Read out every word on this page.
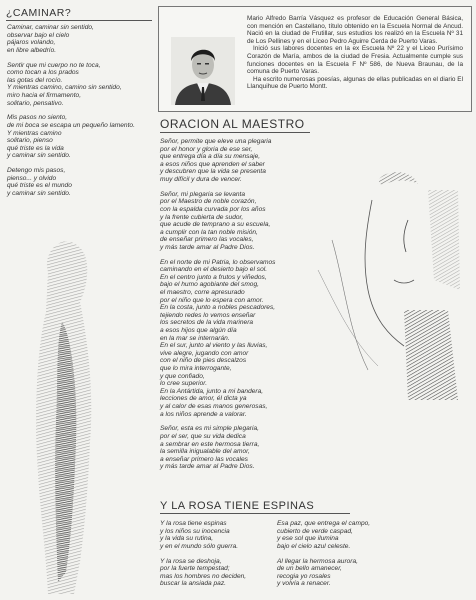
¿CAMINAR?
Caminar, caminar sin sentido,
observar bajo el cielo
pájaros volando,
en libre albedrío.
Sentir que mi cuerpo no te toca,
como tocan a los prados
las gotas del rocío.
Y mientras camino, camino sin sentido,
miro hacia el firmamento,
solitario, pensativo.
Mis pasos no siento,
de mi boca se escapa un pequeño lamento.
Y mientras camino
solitario, pienso
qué triste es la vida
y caminar sin sentido.
Detengo mis pasos,
pienso... y olvido
qué triste es el mundo
y caminar sin sentido.

Mario Alfredo Barría Vásquez es profesor de Educación General Básica, con mención en Castellano, título obtenido en la Escuela Normal de Ancud. Nació en la ciudad de Frutillar, sus estudios los realizó en la Escuela Nº 31 de Los Pellines y en el Liceo Pedro Aguirre Cerda de Puerto Varas.

Inició sus labores docentes en la ex Escuela Nº 22 y el Liceo Purísimo Corazón de María, ambos de la ciudad de Fresia. Actualmente cumple sus funciones docentes en la Escuela F Nº 586, de Nueva Braunau, de la comuna de Puerto Varas.

Ha escrito numerosas poesías, algunas de ellas publicadas en el diario El Llanquihue de Puerto Montt.

ORACION AL MAESTRO
Señor, permite que eleve una plegaria
por el honor y gloria de ese ser,
que entrega día a día su mensaje,
a esos niños que aprenden el saber
y descubren que la vida se presenta
muy difícil y dura de vencer.
Señor, mi plegaria se levanta
por el Maestro de noble corazón,
con la espalda curvada por los años
y la frente cubierta de sudor,
que acude de temprano a su escuela,
a cumplir con la tan noble misión,
de enseñar primero las vocales,
y más tarde amar al Padre Dios.
En el norte de mi Patria, lo observamos
caminando en el desierto bajo el sol.
En el centro junto a frutos y viñedos,
bajo el humo agobiante del smog,
el maestro, corre apresurado
por el niño que lo espera con amor.
En la costa, junto a nobles pescadores,
tejiendo redes lo vemos enseñar
los secretos de la vida marinera
a esos hijos que algún día
en la mar se internarán.
En el sur, junto al viento y las lluvias,
vive alegre, jugando con amor
con el niño de pies descalzos
que lo mira interrogante,
y que confiado,
lo cree superior.
En la Antártida, junto a mi bandera,
lecciones de amor, él dicta ya
y al calor de esas manos generosas,
a los niños aprende a valorar.
Señor, esta es mi simple plegaria,
por el ser, que su vida dedica
a sembrar en este hermosa tierra,
la semilla inigualable del amor,
a enseñar primero las vocales
y más tarde amar al Padre Dios.
Y LA ROSA TIENE ESPINAS
Y la rosa tiene espinas
y los niños su inocencia
y la vida su rutina,
y en el mundo sólo guerra.
Y la rosa se deshoja,
por la fuerte tempestad;
mas los hombres no deciden,
buscar la ansiada paz.
Esa paz, que entrega el campo,
cubierto de verde caspad,
y ese sol que ilumina
bajo el cielo azul celeste.
Al llegar la hermosa aurora,
de un bello amanecer,
recogia yo rosales
y volvía a renacer.
